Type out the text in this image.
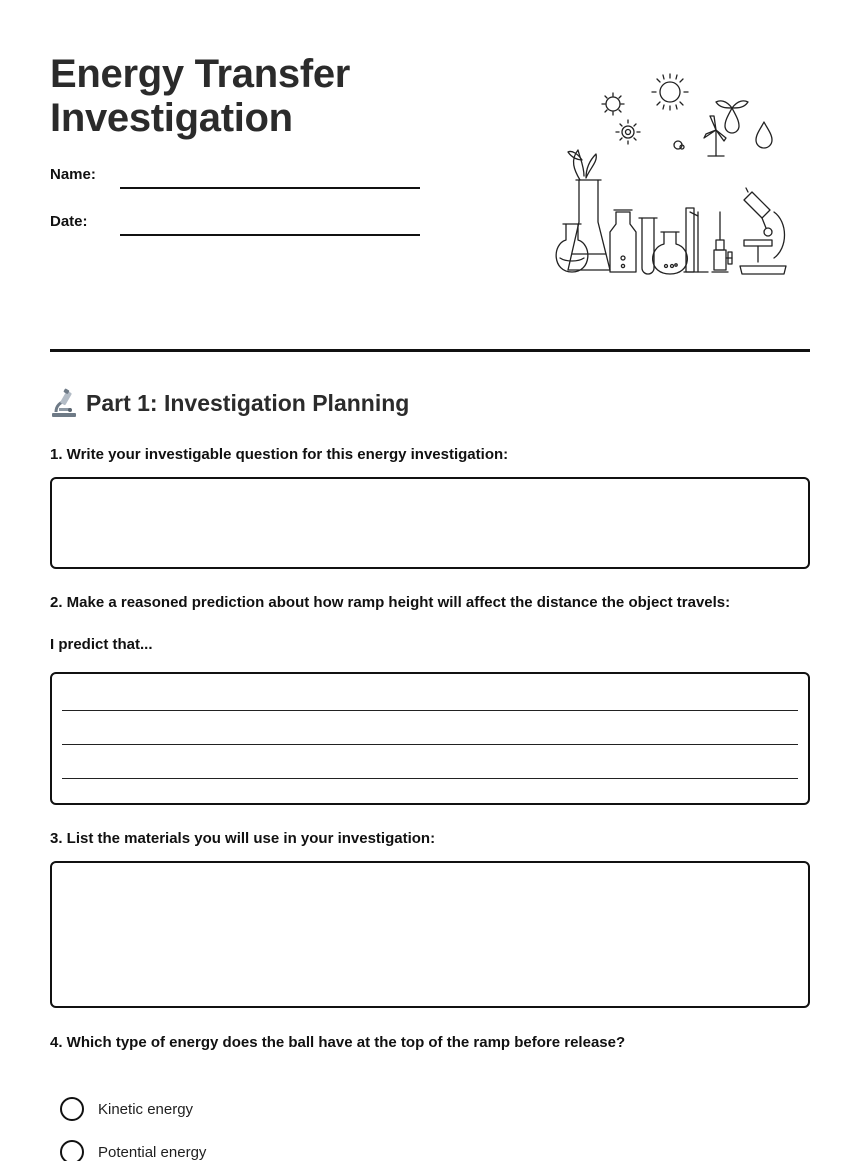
Energy Transfer
Investigation
Name:
Date:
Part 1: Investigation Planning
1. Write your investigable question for this energy investigation:
2. Make a reasoned prediction about how ramp height will affect the distance the object travels:
I predict that...
3. List the materials you will use in your investigation:
4. Which type of energy does the ball have at the top of the ramp before release?
Kinetic energy
Potential energy
